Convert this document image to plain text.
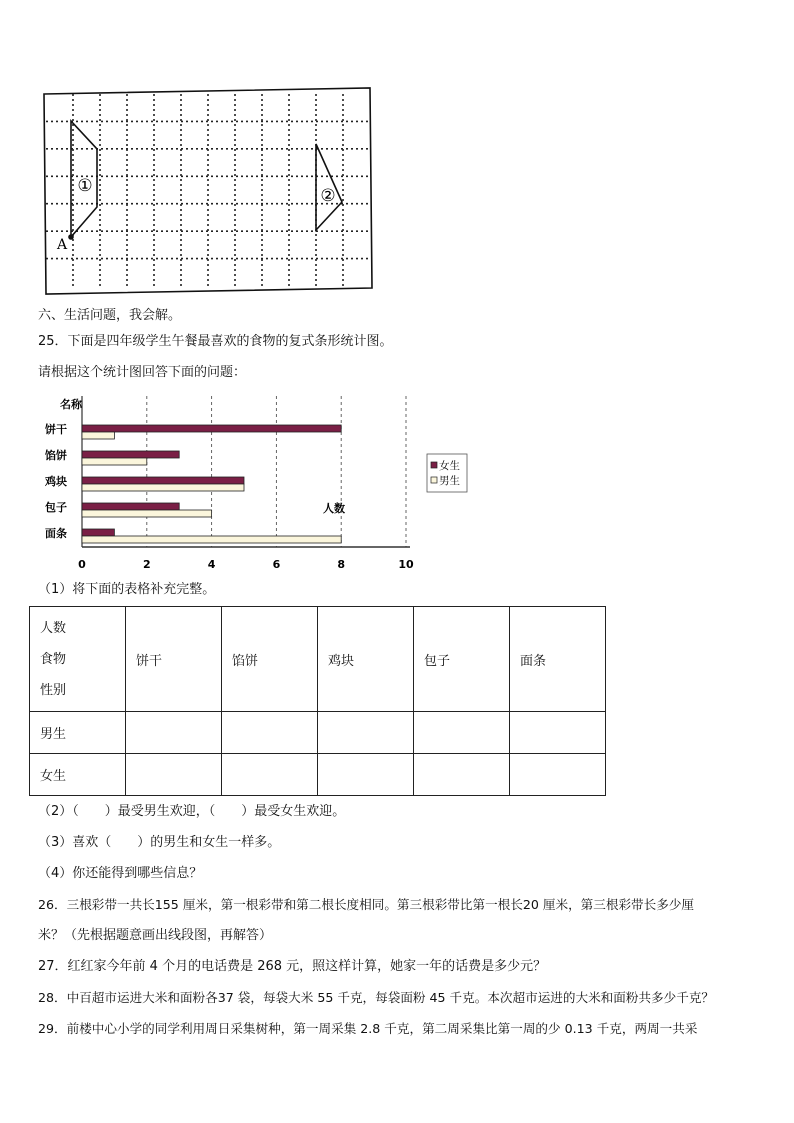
①	②
A
六、生活问题，我会解。
25．下面是四年级学生午餐最喜欢的食物的复式条形统计图。
请根据这个统计图回答下面的问题：
名称
人数
饼干
馅饼
鸡块
包子
面条
0	2	4	6	8	10
女生
男生
（1）将下面的表格补充完整。
人数
食物
性别	饼干	馅饼	鸡块	包子	面条
男生					
女生					
（2）（　　）最受男生欢迎，（　　）最受女生欢迎。
（3）喜欢（　　）的男生和女生一样多。
（4）你还能得到哪些信息？
26．三根彩带一共长155 厘米，第一根彩带和第二根长度相同。第三根彩带比第一根长20 厘米，第三根彩带长多少厘
米？（先根据题意画出线段图，再解答）
27．红红家今年前 4 个月的电话费是 268 元，照这样计算，她家一年的话费是多少元？
28．中百超市运进大米和面粉各37 袋，每袋大米 55 千克，每袋面粉 45 千克。本次超市运进的大米和面粉共多少千克？
29．前楼中心小学的同学利用周日采集树种，第一周采集 2.8 千克，第二周采集比第一周的少 0.13 千克，两周一共采
